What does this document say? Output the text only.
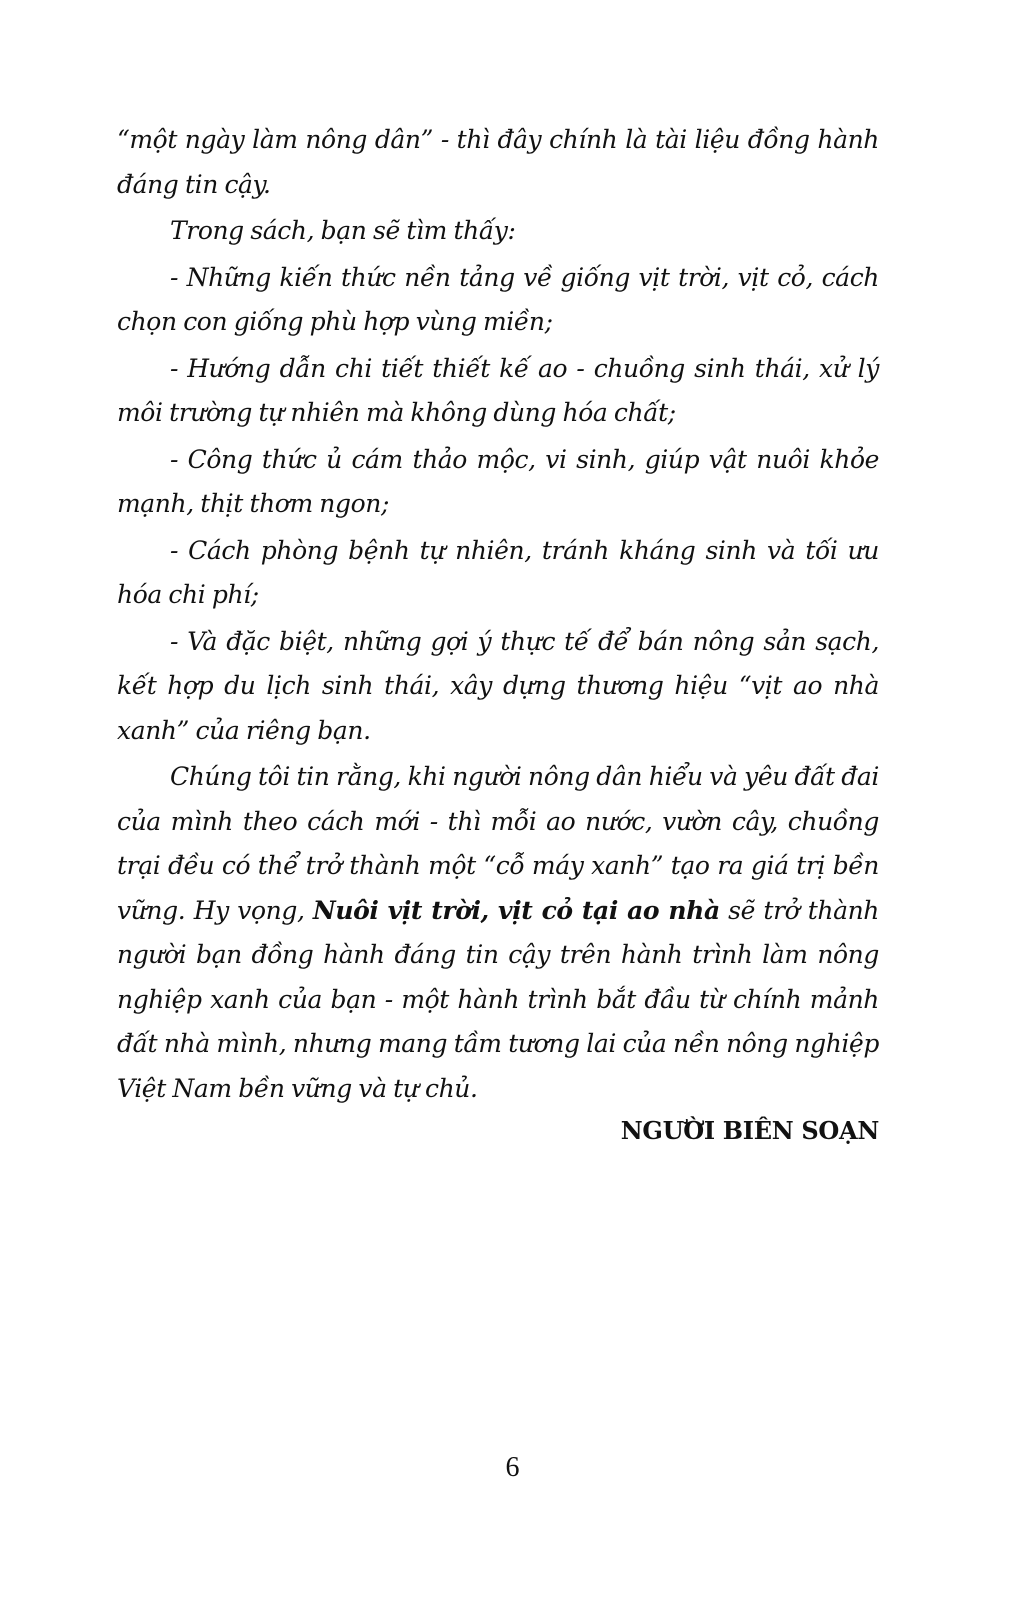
“một ngày làm nông dân” - thì đây chính là tài liệu đồng hành đáng tin cậy.

Trong sách, bạn sẽ tìm thấy:

- Những kiến thức nền tảng về giống vịt trời, vịt cỏ, cách chọn con giống phù hợp vùng miền;

- Hướng dẫn chi tiết thiết kế ao - chuồng sinh thái, xử lý môi trường tự nhiên mà không dùng hóa chất;

- Công thức ủ cám thảo mộc, vi sinh, giúp vật nuôi khỏe mạnh, thịt thơm ngon;

- Cách phòng bệnh tự nhiên, tránh kháng sinh và tối ưu hóa chi phí;

- Và đặc biệt, những gợi ý thực tế để bán nông sản sạch, kết hợp du lịch sinh thái, xây dựng thương hiệu “vịt ao nhà xanh” của riêng bạn.

Chúng tôi tin rằng, khi người nông dân hiểu và yêu đất đai của mình theo cách mới - thì mỗi ao nước, vườn cây, chuồng trại đều có thể trở thành một “cỗ máy xanh” tạo ra giá trị bền vững. Hy vọng, Nuôi vịt trời, vịt cỏ tại ao nhà sẽ trở thành người bạn đồng hành đáng tin cậy trên hành trình làm nông nghiệp xanh của bạn - một hành trình bắt đầu từ chính mảnh đất nhà mình, nhưng mang tầm tương lai của nền nông nghiệp Việt Nam bền vững và tự chủ.

NGƯỜI BIÊN SOẠN
6
